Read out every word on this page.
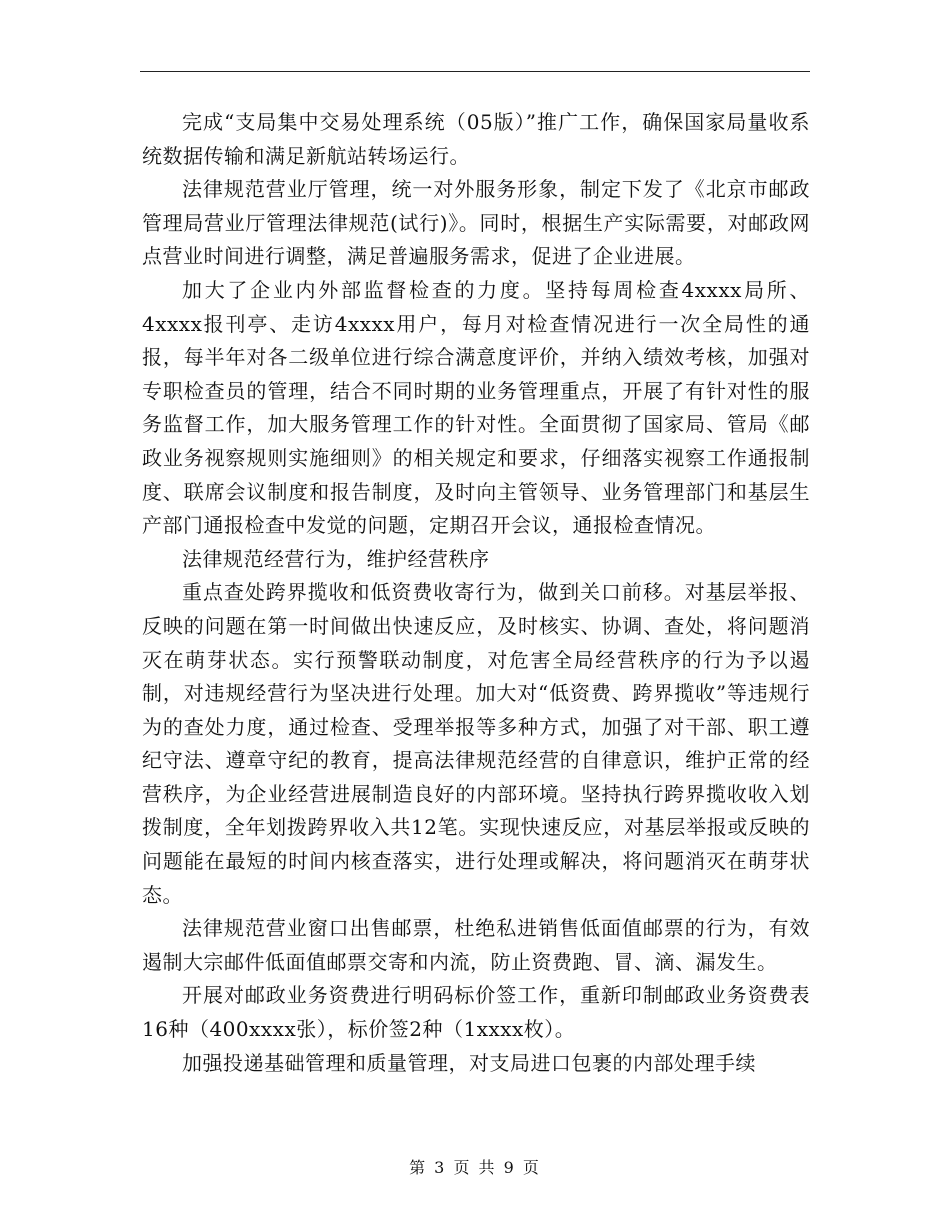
完成“支局集中交易处理系统（05版）”推广工作，确保国家局量收系统数据传输和满足新航站转场运行。

法律规范营业厅管理，统一对外服务形象，制定下发了《北京市邮政管理局营业厅管理法律规范(试行)》。同时，根据生产实际需要，对邮政网点营业时间进行调整，满足普遍服务需求，促进了企业进展。

加大了企业内外部监督检查的力度。坚持每周检查4xxxx局所、4xxxx报刊亭、走访4xxxx用户，每月对检查情况进行一次全局性的通报，每半年对各二级单位进行综合满意度评价，并纳入绩效考核，加强对专职检查员的管理，结合不同时期的业务管理重点，开展了有针对性的服务监督工作，加大服务管理工作的针对性。全面贯彻了国家局、管局《邮政业务视察规则实施细则》的相关规定和要求，仔细落实视察工作通报制度、联席会议制度和报告制度，及时向主管领导、业务管理部门和基层生产部门通报检查中发觉的问题，定期召开会议，通报检查情况。

法律规范经营行为，维护经营秩序

重点查处跨界揽收和低资费收寄行为，做到关口前移。对基层举报、反映的问题在第一时间做出快速反应，及时核实、协调、查处，将问题消灭在萌芽状态。实行预警联动制度，对危害全局经营秩序的行为予以遏制，对违规经营行为坚决进行处理。加大对“低资费、跨界揽收”等违规行为的查处力度，通过检查、受理举报等多种方式，加强了对干部、职工遵纪守法、遵章守纪的教育，提高法律规范经营的自律意识，维护正常的经营秩序，为企业经营进展制造良好的内部环境。坚持执行跨界揽收收入划拨制度，全年划拨跨界收入共12笔。实现快速反应，对基层举报或反映的问题能在最短的时间内核查落实，进行处理或解决，将问题消灭在萌芽状态。

法律规范营业窗口出售邮票，杜绝私进销售低面值邮票的行为，有效遏制大宗邮件低面值邮票交寄和内流，防止资费跑、冒、滴、漏发生。

开展对邮政业务资费进行明码标价签工作，重新印制邮政业务资费表16种（400xxxx张），标价签2种（1xxxx枚）。

加强投递基础管理和质量管理，对支局进口包裹的内部处理手续

第 3 页 共 9 页
